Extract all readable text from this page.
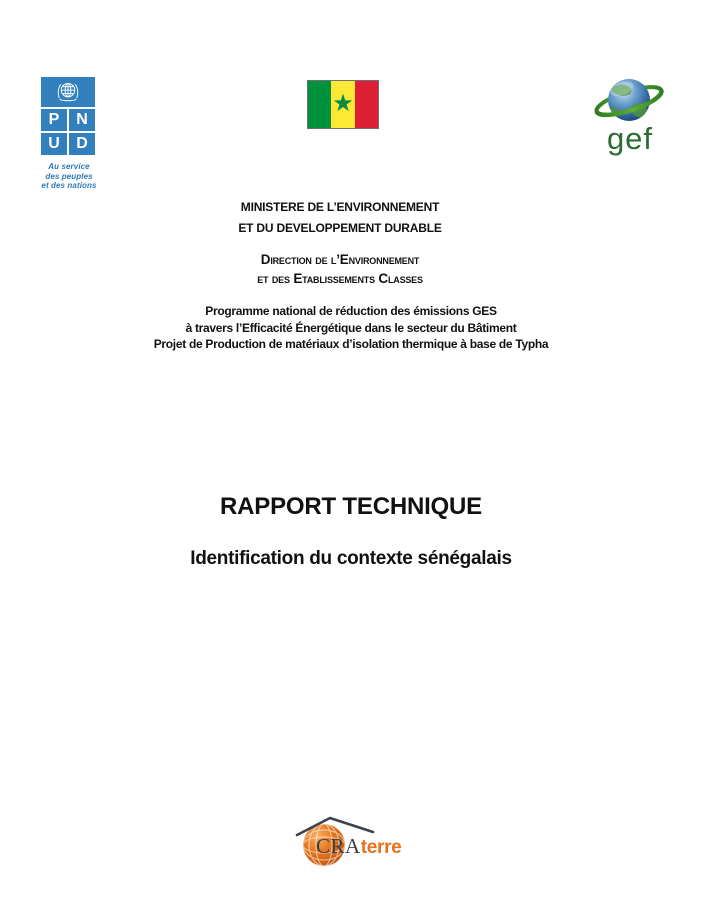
P	N
U	D
Au service
des peuples
et des nations
★
gef
MINISTERE DE L’ENVIRONNEMENT
ET DU DEVELOPPEMENT DURABLE
Direction de l’Environnement
et des Etablissements Classes
Programme national de réduction des émissions GES
à travers l’Efficacité Énergétique dans le secteur du Bâtiment
Projet de Production de matériaux d’isolation thermique à base de Typha
RAPPORT TECHNIQUE
Identification du contexte sénégalais
CRA terre
